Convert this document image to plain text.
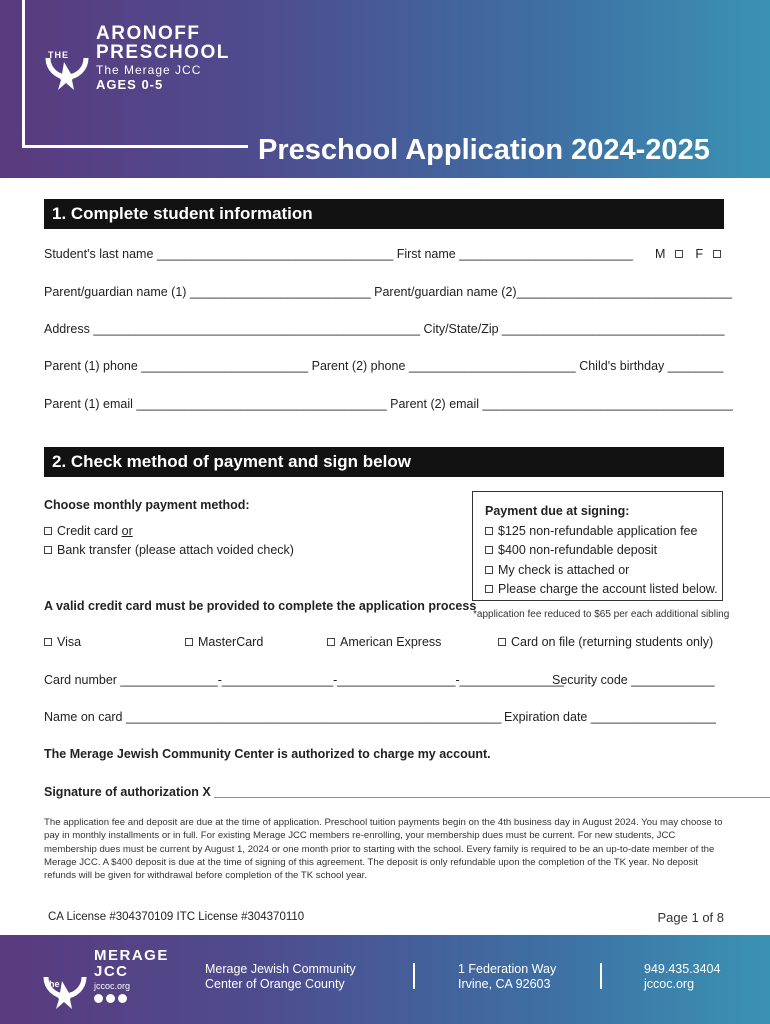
THE
ARONOFF
PRESCHOOL
The Merage JCC
AGES 0-5
Preschool Application 2024-2025
1. Complete student information
Student's last name __________________________________ First name _________________________ M F
Parent/guardian name (1) __________________________ Parent/guardian name (2)_______________________________
Address _______________________________________________ City/State/Zip ________________________________
Parent (1) phone ________________________ Parent (2) phone ________________________ Child's birthday ________
Parent (1) email ____________________________________ Parent (2) email ____________________________________
2. Check method of payment and sign below
Choose monthly payment method:
Credit card or
Bank transfer (please attach voided check)
A valid credit card must be provided to complete the application process
Payment due at signing:
$125 non-refundable application fee
$400 non-refundable deposit
My check is attached or
Please charge the account listed below.
*application fee reduced to $65 per each additional sibling
Visa	MasterCard	American Express	Card on file (returning students only)
Card number ______________-________________-_________________-_______________
Security code ____________
Name on card ______________________________________________________ Expiration date __________________
The Merage Jewish Community Center is authorized to charge my account.
Signature of authorization X ________________________________________________________________________________
The application fee and deposit are due at the time of application. Preschool tuition payments begin on the 4th business day in August 2024. You may choose to pay in monthly installments or in full. For existing Merage JCC members re-enrolling, your membership dues must be current. For new students, JCC membership dues must be current by August 1, 2024 or one month prior to starting with the school. Every family is required to be an up-to-date member of the Merage JCC. A $400 deposit is due at the time of signing of this agreement. The deposit is only refundable upon the completion of the TK year. No deposit refunds will be given for withdrawal before completion of the TK school year.
CA License #304370109 ITC License #304370110	Page 1 of 8
the
MERAGE
JCC
jccoc.org
Merage Jewish Community
Center of Orange County
1 Federation Way
Irvine, CA 92603
949.435.3404
jccoc.org
